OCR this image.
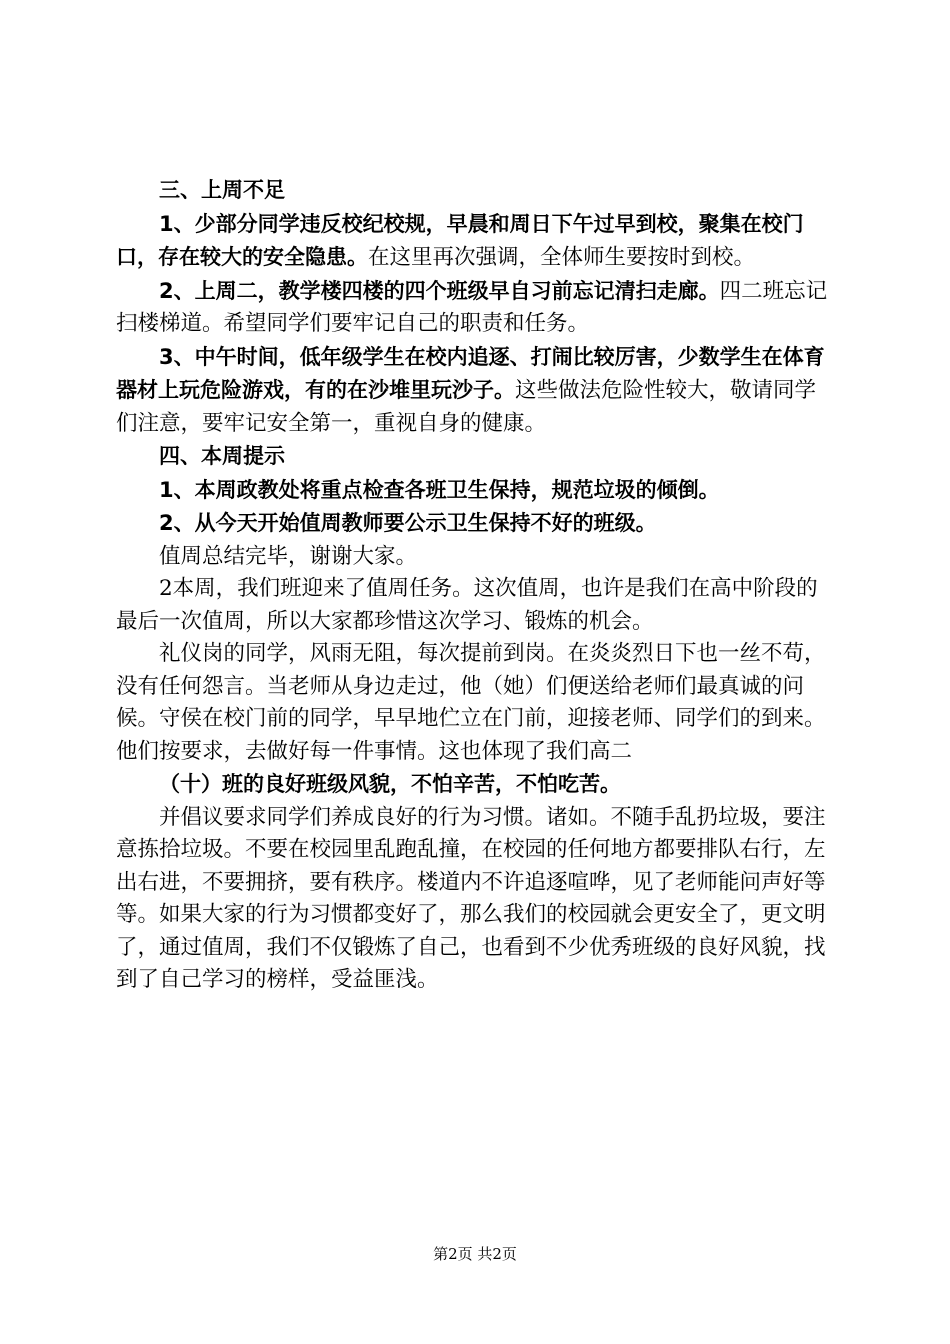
三、上周不足

1、少部分同学违反校纪校规，早晨和周日下午过早到校，聚集在校门口，存在较大的安全隐患。在这里再次强调，全体师生要按时到校。

2、上周二，教学楼四楼的四个班级早自习前忘记清扫走廊。四二班忘记扫楼梯道。希望同学们要牢记自己的职责和任务。

3、中午时间，低年级学生在校内追逐、打闹比较厉害，少数学生在体育器材上玩危险游戏，有的在沙堆里玩沙子。这些做法危险性较大，敬请同学们注意，要牢记安全第一，重视自身的健康。

四、本周提示

1、本周政教处将重点检查各班卫生保持，规范垃圾的倾倒。

2、从今天开始值周教师要公示卫生保持不好的班级。

值周总结完毕，谢谢大家。

2本周，我们班迎来了值周任务。这次值周，也许是我们在高中阶段的最后一次值周，所以大家都珍惜这次学习、锻炼的机会。

礼仪岗的同学，风雨无阻，每次提前到岗。在炎炎烈日下也一丝不苟，没有任何怨言。当老师从身边走过，他（她）们便送给老师们最真诚的问候。守侯在校门前的同学，早早地伫立在门前，迎接老师、同学们的到来。他们按要求，去做好每一件事情。这也体现了我们高二

（十）班的良好班级风貌，不怕辛苦，不怕吃苦。

并倡议要求同学们养成良好的行为习惯。诸如。不随手乱扔垃圾，要注意拣拾垃圾。不要在校园里乱跑乱撞，在校园的任何地方都要排队右行，左出右进，不要拥挤，要有秩序。楼道内不许追逐喧哗，见了老师能问声好等等。如果大家的行为习惯都变好了，那么我们的校园就会更安全了，更文明了，通过值周，我们不仅锻炼了自己，也看到不少优秀班级的良好风貌，找到了自己学习的榜样，受益匪浅。

第2页 共2页
